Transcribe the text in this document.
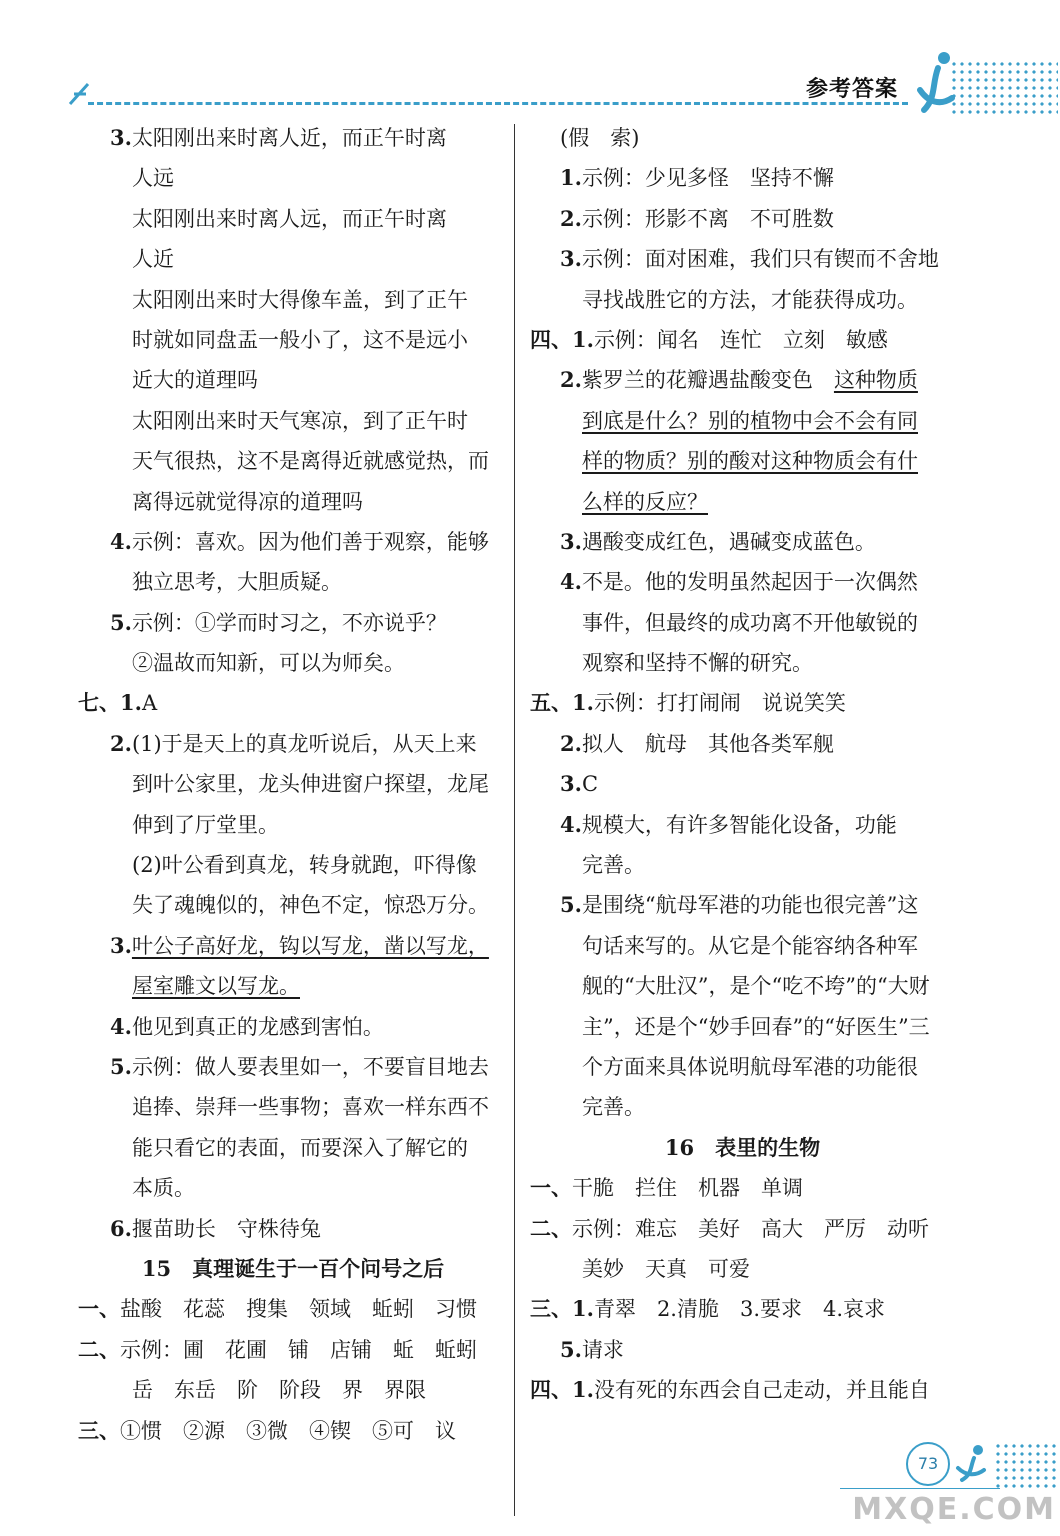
参考答案
3.太阳刚出来时离人近，而正午时离
人远
太阳刚出来时离人远，而正午时离
人近
太阳刚出来时大得像车盖，到了正午
时就如同盘盂一般小了，这不是远小
近大的道理吗
太阳刚出来时天气寒凉，到了正午时
天气很热，这不是离得近就感觉热，而
离得远就觉得凉的道理吗
4.示例：喜欢。因为他们善于观察，能够
独立思考，大胆质疑。
5.示例：①学而时习之，不亦说乎？
②温故而知新，可以为师矣。
七、1.A
2.(1)于是天上的真龙听说后，从天上来
到叶公家里，龙头伸进窗户探望，龙尾
伸到了厅堂里。
(2)叶公看到真龙，转身就跑，吓得像
失了魂魄似的，神色不定，惊恐万分。
3.叶公子高好龙，钩以写龙，凿以写龙，
屋室雕文以写龙。
4.他见到真正的龙感到害怕。
5.示例：做人要表里如一，不要盲目地去
追捧、崇拜一些事物；喜欢一样东西不
能只看它的表面，而要深入了解它的
本质。
6.揠苗助长　守株待兔
15　真理诞生于一百个问号之后
一、盐酸　花蕊　搜集　领域　蚯蚓　习惯
二、示例：圃　花圃　铺　店铺　蚯　蚯蚓
岳　东岳　阶　阶段　界　界限
三、①惯　②源　③微　④锲　⑤可　议
(假　索)
1.示例：少见多怪　坚持不懈
2.示例：形影不离　不可胜数
3.示例：面对困难，我们只有锲而不舍地
寻找战胜它的方法，才能获得成功。
四、1.示例：闻名　连忙　立刻　敏感
2.紫罗兰的花瓣遇盐酸变色　这种物质
到底是什么？别的植物中会不会有同
样的物质？别的酸对这种物质会有什
么样的反应？
3.遇酸变成红色，遇碱变成蓝色。
4.不是。他的发明虽然起因于一次偶然
事件，但最终的成功离不开他敏锐的
观察和坚持不懈的研究。
五、1.示例：打打闹闹　说说笑笑
2.拟人　航母　其他各类军舰
3.C
4.规模大，有许多智能化设备，功能
完善。
5.是围绕“航母军港的功能也很完善”这
句话来写的。从它是个能容纳各种军
舰的“大肚汉”，是个“吃不垮”的“大财
主”，还是个“妙手回春”的“好医生”三
个方面来具体说明航母军港的功能很
完善。
16　表里的生物
一、干脆　拦住　机器　单调
二、示例：难忘　美好　高大　严厉　动听
美妙　天真　可爱
三、1.青翠　2.清脆　3.要求　4.哀求
5.请求
四、1.没有死的东西会自己走动，并且能自
73
MXQE.COM
